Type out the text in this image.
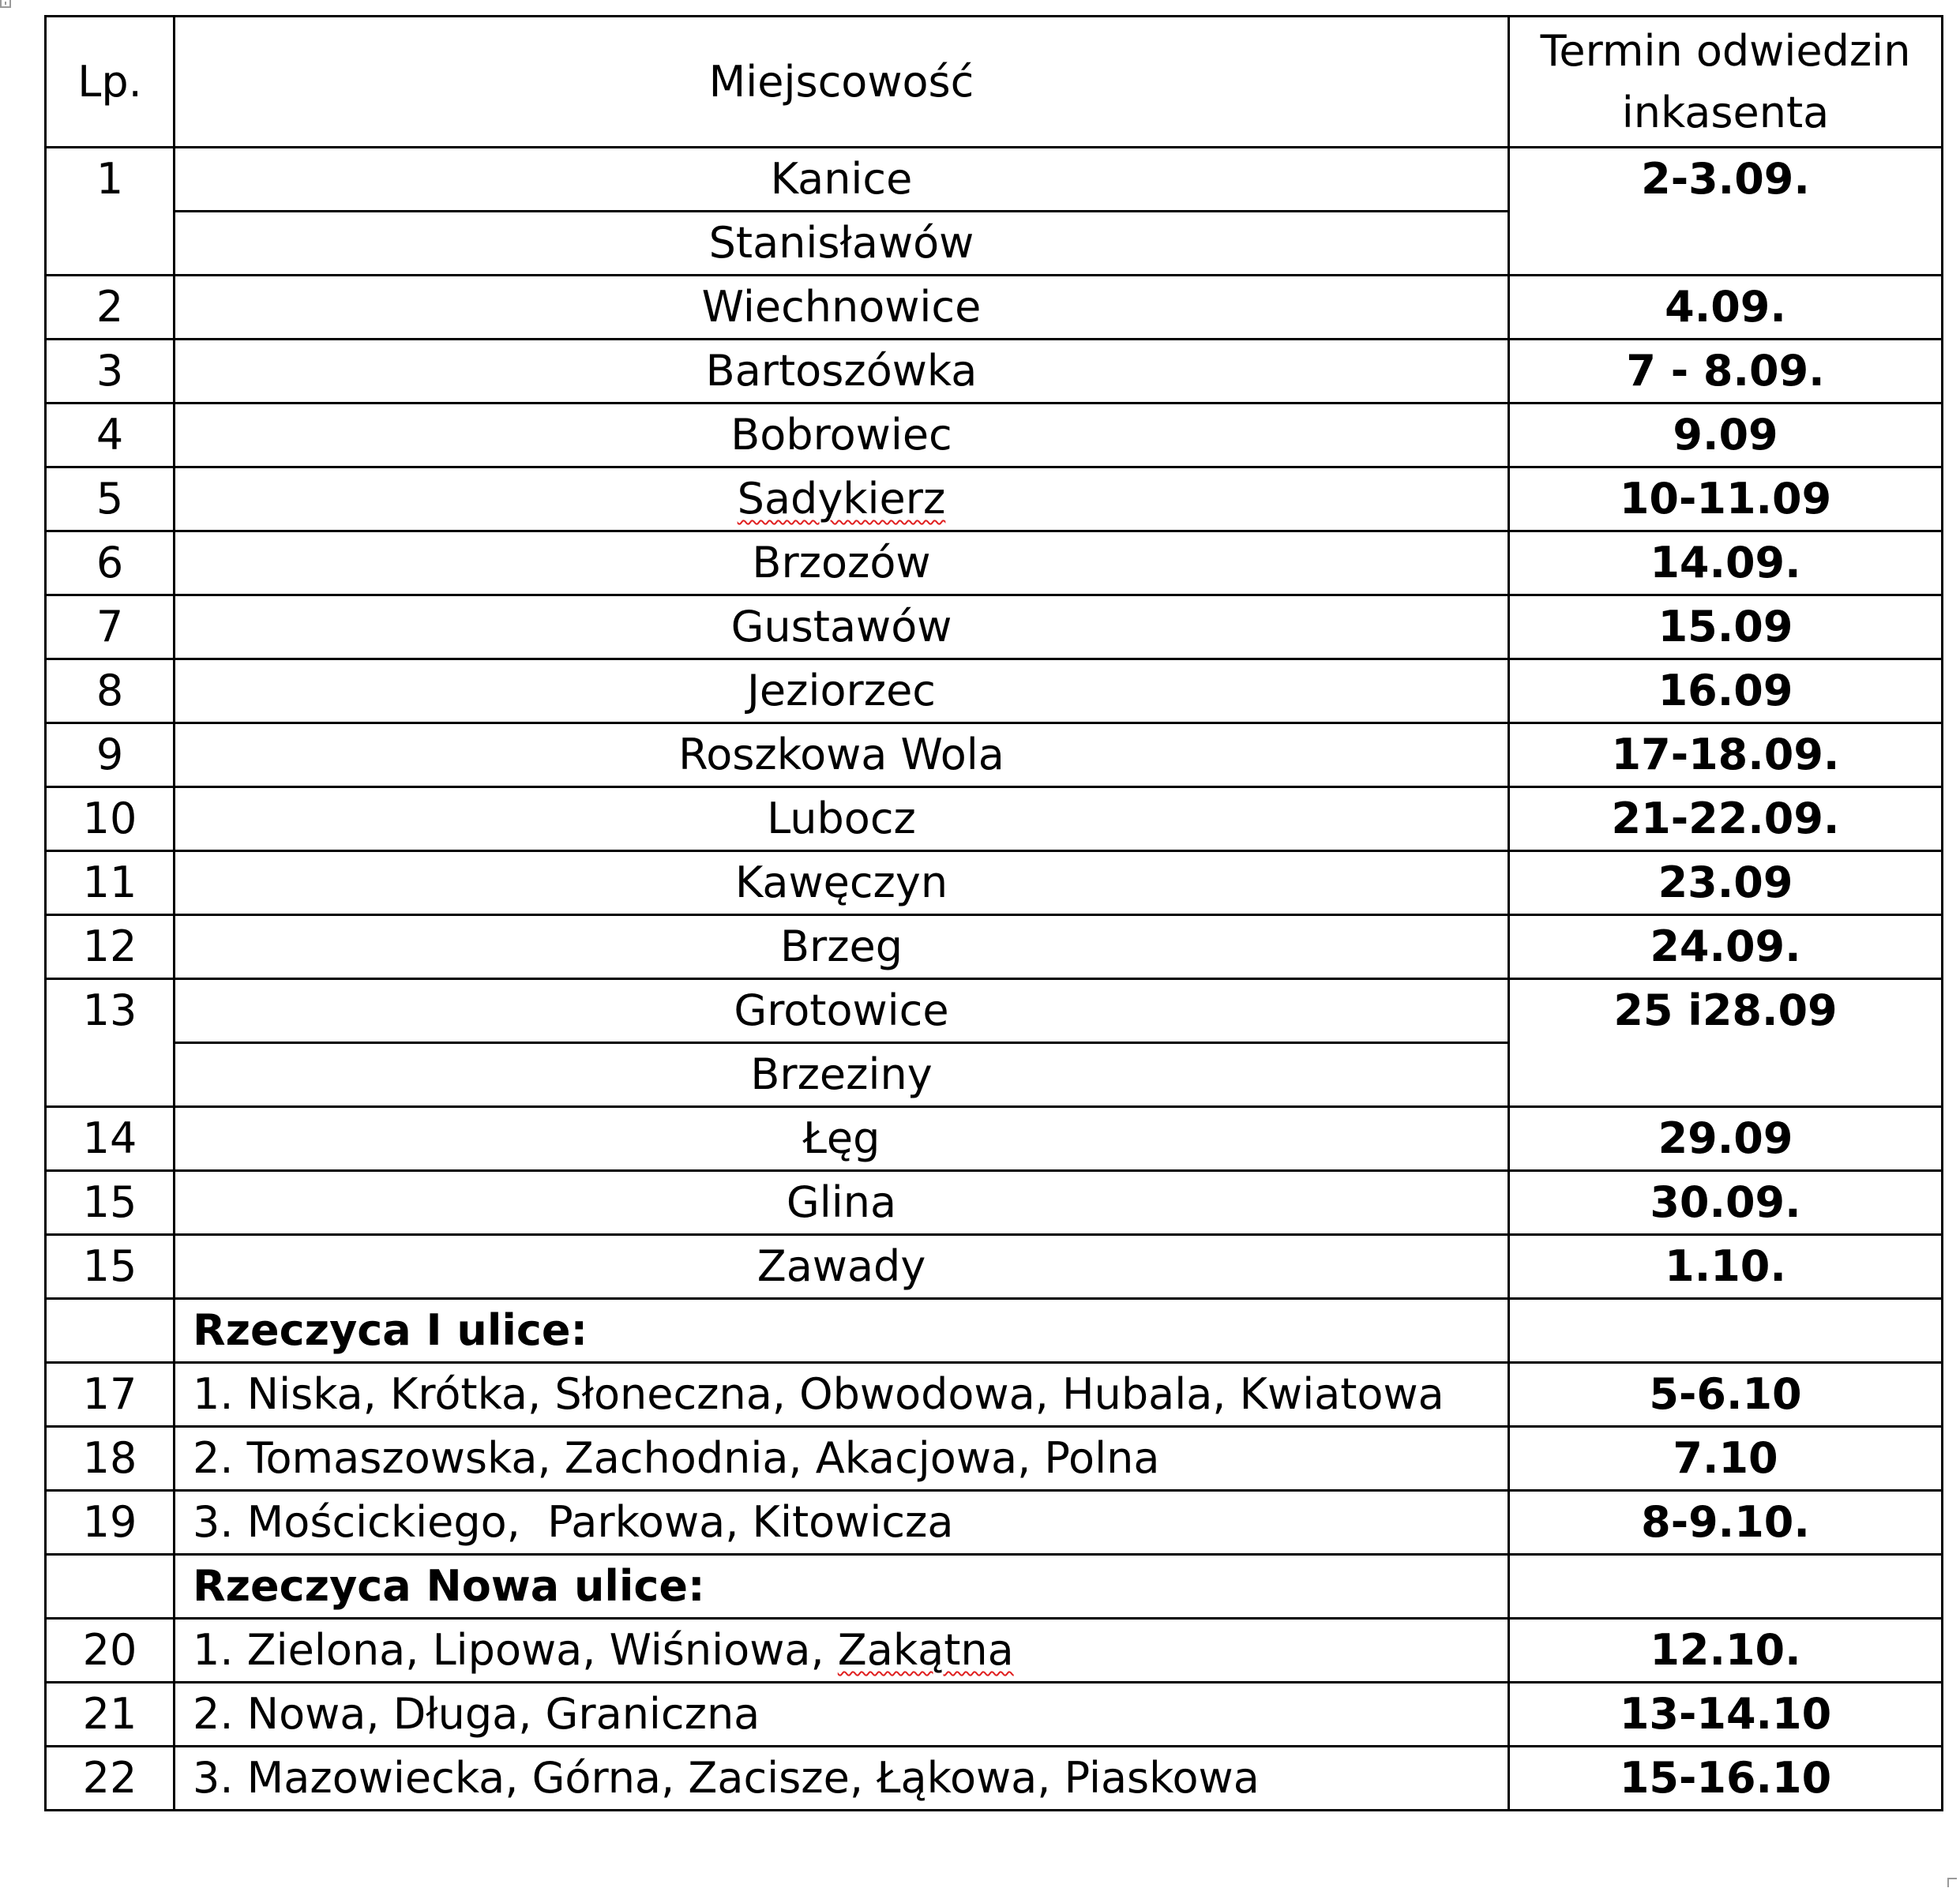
Lp.	Miejscowość	Termin odwiedzin
inkasenta

1	Kanice	2-3.09.
	Stanisławów	
2	Wiechnowice	4.09.
3	Bartoszówka	7 - 8.09.
4	Bobrowiec	9.09
5	Sadykierz	10-11.09
6	Brzozów	14.09.
7	Gustawów	15.09
8	Jeziorzec	16.09
9	Roszkowa Wola	17-18.09.
10	Lubocz	21-22.09.
11	Kawęczyn	23.09
12	Brzeg	24.09.
13	Grotowice	25 i28.09
	Brzeziny	
14	Łęg	29.09
15	Glina	30.09.
15	Zawady	1.10.
	Rzeczyca I ulice:	
17	1. Niska, Krótka, Słoneczna, Obwodowa, Hubala, Kwiatowa	5-6.10
18	2. Tomaszowska, Zachodnia, Akacjowa, Polna	7.10
19	3. Mościckiego,  Parkowa, Kitowicza	8-9.10.
	Rzeczyca Nowa ulice:	
20	1. Zielona, Lipowa, Wiśniowa, Zakątna	12.10.
21	2. Nowa, Długa, Graniczna	13-14.10
22	3. Mazowiecka, Górna, Zacisze, Łąkowa, Piaskowa	15-16.10
